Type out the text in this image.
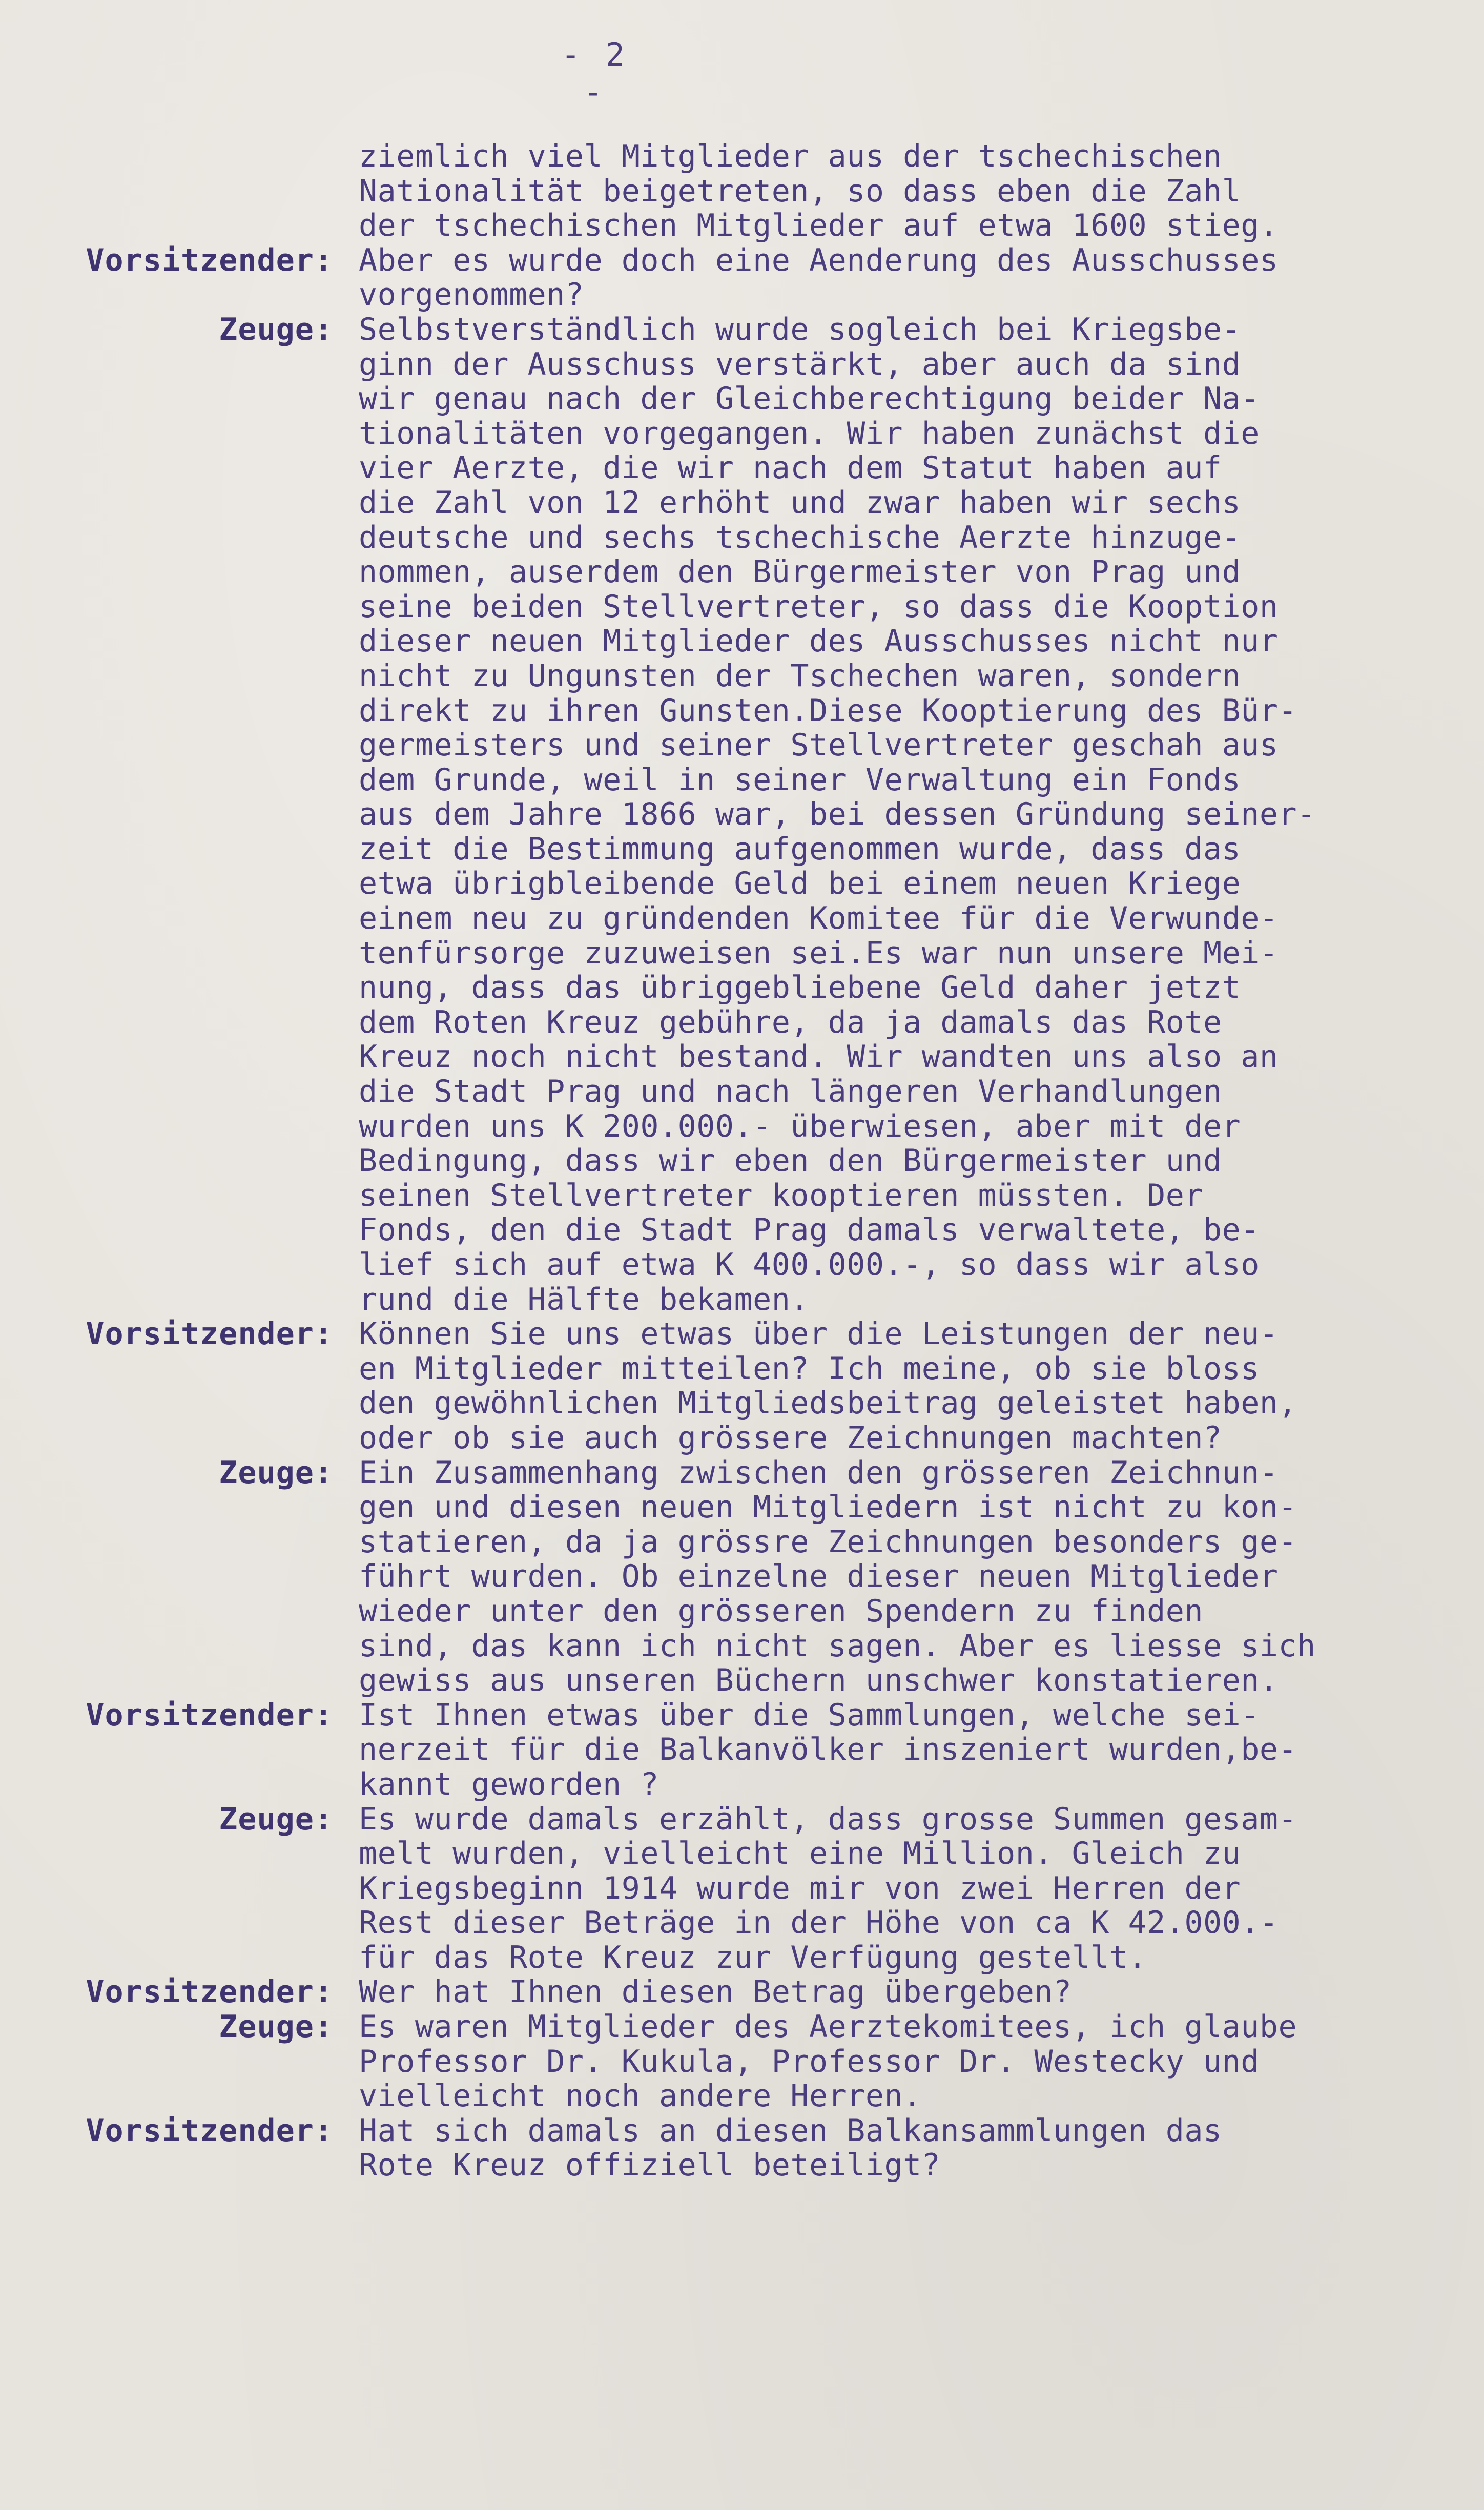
- 2 -
ziemlich viel Mitglieder aus der tschechischen
Nationalität beigetreten, so dass eben die Zahl
der tschechischen Mitglieder auf etwa 1600 stieg.
Vorsitzender: Aber es wurde doch eine Aenderung des Ausschusses
vorgenommen?
Zeuge: Selbstverständlich wurde sogleich bei Kriegsbe-
ginn der Ausschuss verstärkt, aber auch da sind
wir genau nach der Gleichberechtigung beider Na-
tionalitäten vorgegangen. Wir haben zunächst die
vier Aerzte, die wir nach dem Statut haben auf
die Zahl von 12 erhöht und zwar haben wir sechs
deutsche und sechs tschechische Aerzte hinzuge-
nommen, auserdem den Bürgermeister von Prag und
seine beiden Stellvertreter, so dass die Kooption
dieser neuen Mitglieder des Ausschusses nicht nur
nicht zu Ungunsten der Tschechen waren, sondern
direkt zu ihren Gunsten.Diese Kooptierung des Bür-
germeisters und seiner Stellvertreter geschah aus
dem Grunde, weil in seiner Verwaltung ein Fonds
aus dem Jahre 1866 war, bei dessen Gründung seiner-
zeit die Bestimmung aufgenommen wurde, dass das
etwa übrigbleibende Geld bei einem neuen Kriege
einem neu zu gründenden Komitee für die Verwunde-
tenfürsorge zuzuweisen sei.Es war nun unsere Mei-
nung, dass das übriggebliebene Geld daher jetzt
dem Roten Kreuz gebühre, da ja damals das Rote
Kreuz noch nicht bestand. Wir wandten uns also an
die Stadt Prag und nach längeren Verhandlungen
wurden uns K 200.000.- überwiesen, aber mit der
Bedingung, dass wir eben den Bürgermeister und
seinen Stellvertreter kooptieren müssten. Der
Fonds, den die Stadt Prag damals verwaltete, be-
lief sich auf etwa K 400.000.-, so dass wir also
rund die Hälfte bekamen.
Vorsitzender: Können Sie uns etwas über die Leistungen der neu-
en Mitglieder mitteilen? Ich meine, ob sie bloss
den gewöhnlichen Mitgliedsbeitrag geleistet haben,
oder ob sie auch grössere Zeichnungen machten?
Zeuge: Ein Zusammenhang zwischen den grösseren Zeichnun-
gen und diesen neuen Mitgliedern ist nicht zu kon-
statieren, da ja grössre Zeichnungen besonders ge-
führt wurden. Ob einzelne dieser neuen Mitglieder
wieder unter den grösseren Spendern zu finden
sind, das kann ich nicht sagen. Aber es liesse sich
gewiss aus unseren Büchern unschwer konstatieren.
Vorsitzender: Ist Ihnen etwas über die Sammlungen, welche sei-
nerzeit für die Balkanvölker inszeniert wurden,be-
kannt geworden ?
Zeuge: Es wurde damals erzählt, dass grosse Summen gesam-
melt wurden, vielleicht eine Million. Gleich zu
Kriegsbeginn 1914 wurde mir von zwei Herren der
Rest dieser Beträge in der Höhe von ca K 42.000.-
für das Rote Kreuz zur Verfügung gestellt.
Vorsitzender: Wer hat Ihnen diesen Betrag übergeben?
Zeuge: Es waren Mitglieder des Aerztekomitees, ich glaube
Professor Dr. Kukula, Professor Dr. Westecky und
vielleicht noch andere Herren.
Vorsitzender: Hat sich damals an diesen Balkansammlungen das
Rote Kreuz offiziell beteiligt?
